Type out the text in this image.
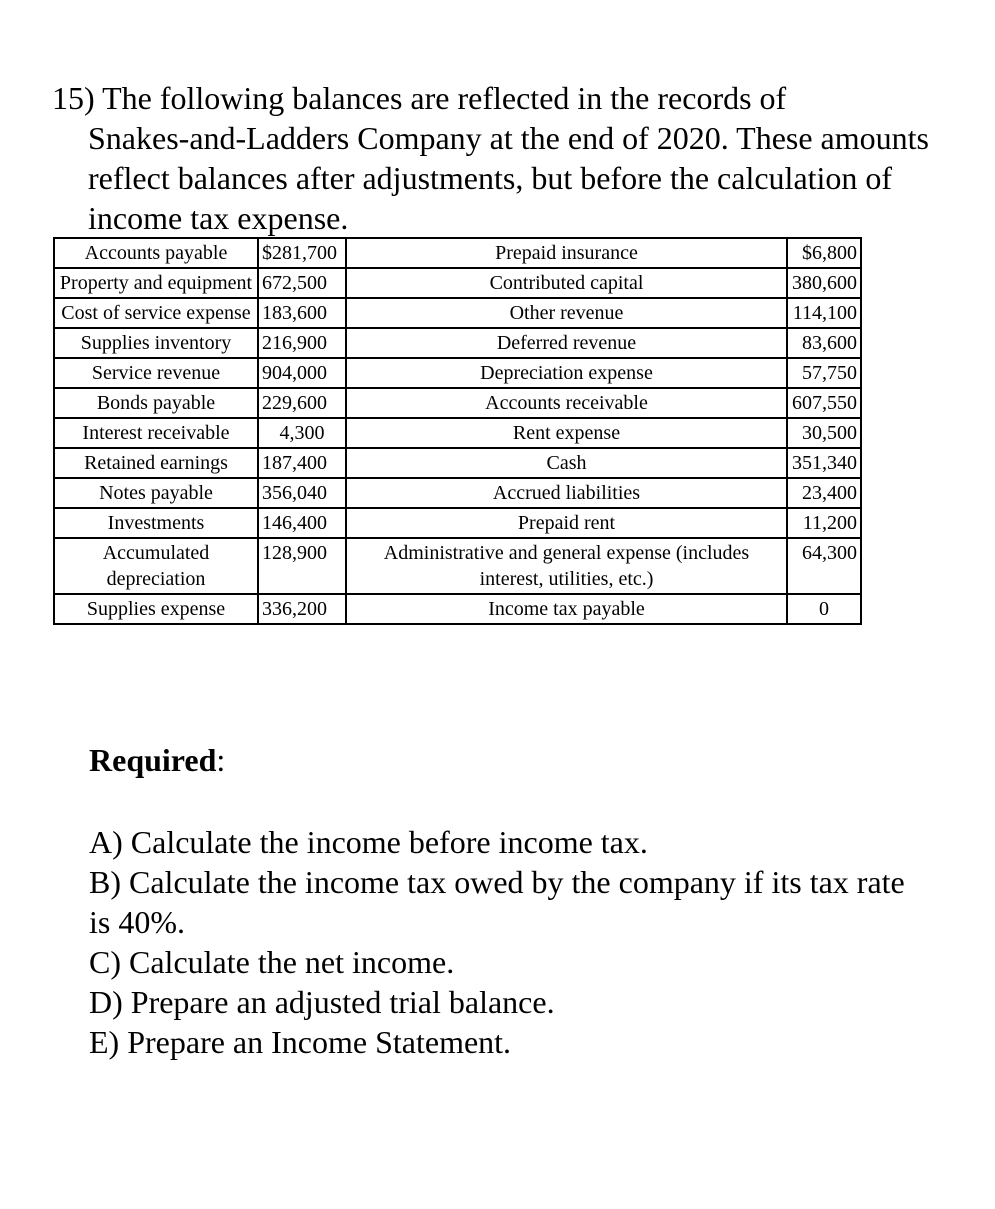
15) The following balances are reflected in the records of
Snakes-and-Ladders Company at the end of 2020. These amounts reflect balances after adjustments, but before the calculation of income tax expense.
Accounts payable	$281,700	Prepaid insurance	$6,800
Property and equipment	672,500	Contributed capital	380,600
Cost of service expense	183,600	Other revenue	114,100
Supplies inventory	216,900	Deferred revenue	83,600
Service revenue	904,000	Depreciation expense	57,750
Bonds payable	229,600	Accounts receivable	607,550
Interest receivable	4,300	Rent expense	30,500
Retained earnings	187,400	Cash	351,340
Notes payable	356,040	Accrued liabilities	23,400
Investments	146,400	Prepaid rent	11,200
Accumulated depreciation	128,900	Administrative and general expense (includes interest, utilities, etc.)	64,300
Supplies expense	336,200	Income tax payable	0

Required:

A) Calculate the income before income tax.
B) Calculate the income tax owed by the company if its tax rate is 40%.
C) Calculate the net income.
D) Prepare an adjusted trial balance.
E) Prepare an Income Statement.
